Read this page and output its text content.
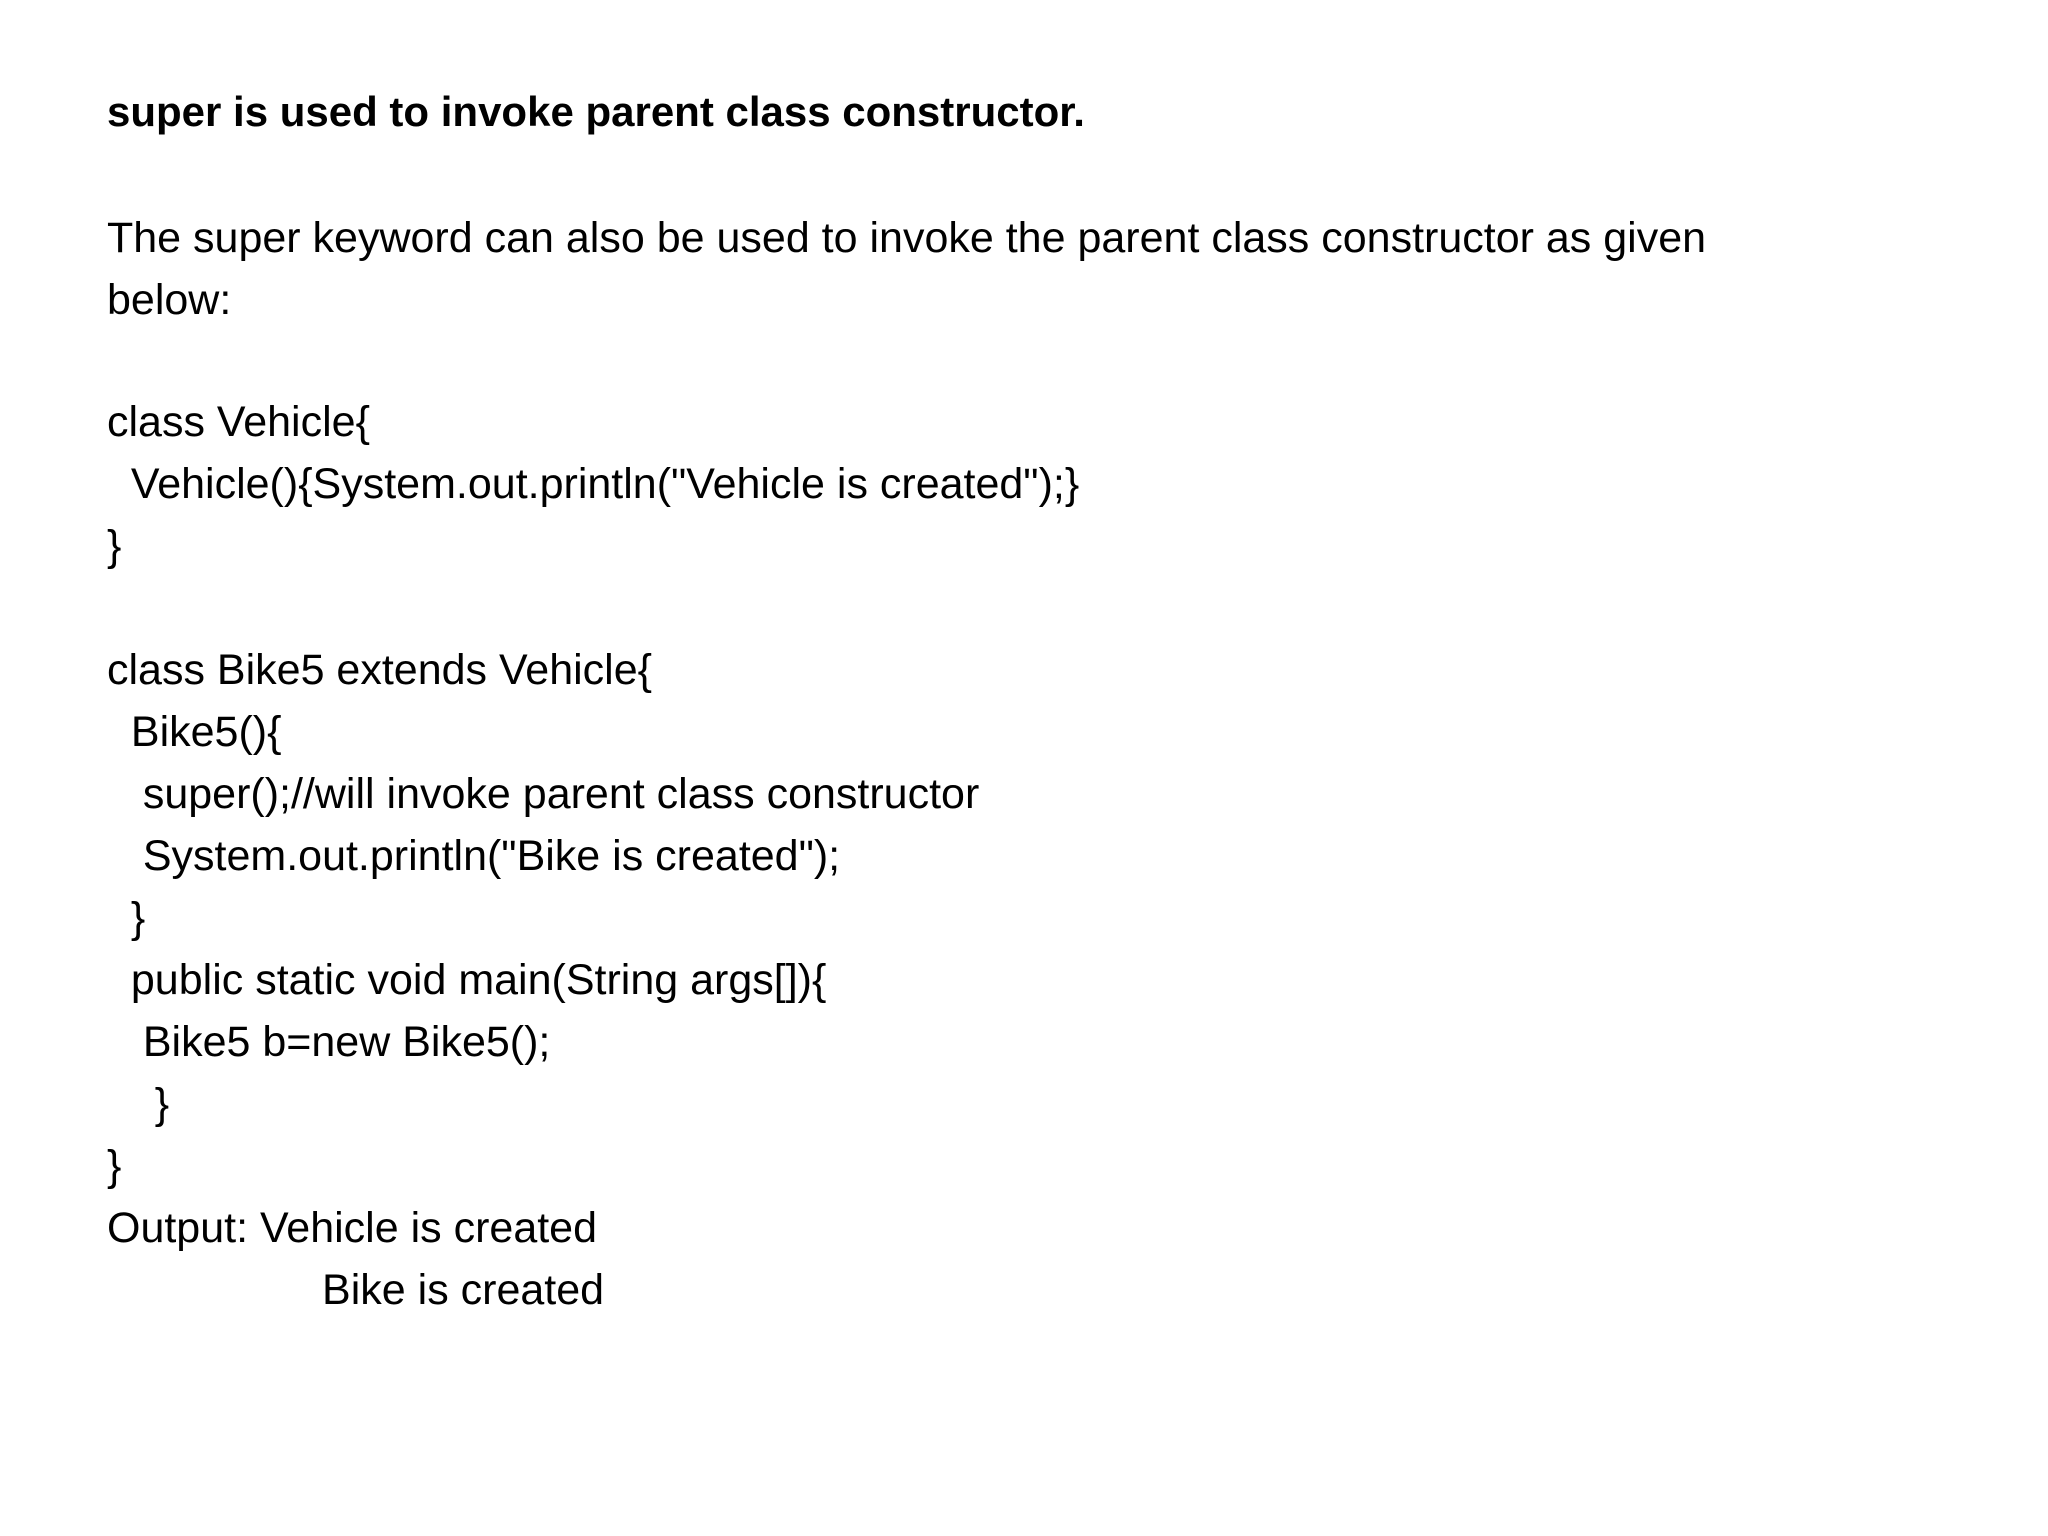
super is used to invoke parent class constructor.
The super keyword can also be used to invoke the parent class constructor as given
below:
class Vehicle{
Vehicle(){System.out.println("Vehicle is created");}
}
class Bike5 extends Vehicle{
Bike5(){
super();//will invoke parent class constructor
System.out.println("Bike is created");
}
public static void main(String args[]){
Bike5 b=new Bike5();
}
}
Output: Vehicle is created
Bike is created
